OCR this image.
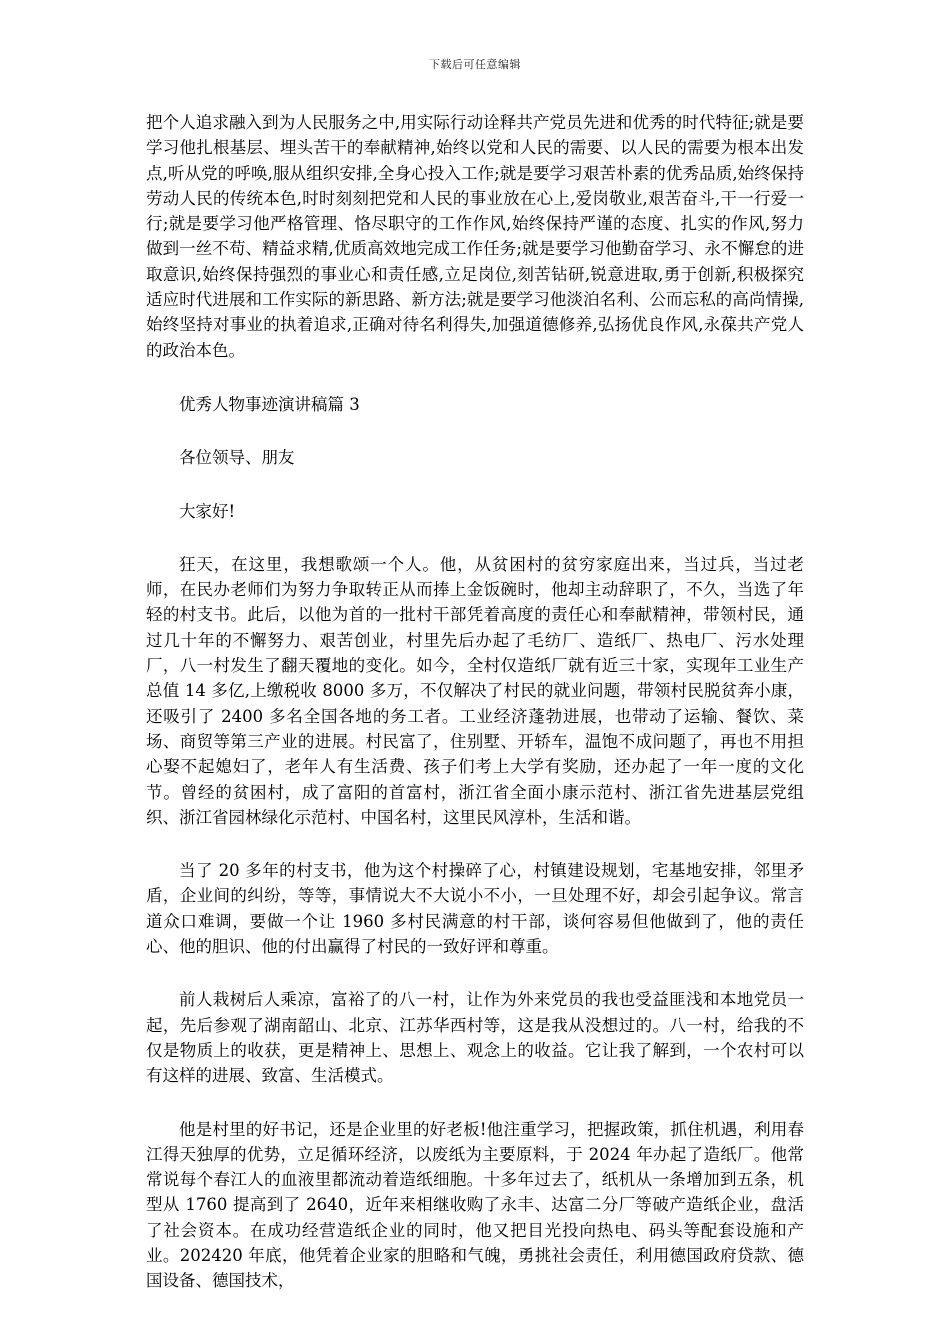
下载后可任意编辑

把个人追求融入到为人民服务之中,用实际行动诠释共产党员先进和优秀的时代特征;就是要学习他扎根基层、埋头苦干的奉献精神,始终以党和人民的需要、以人民的需要为根本出发点,听从党的呼唤,服从组织安排,全身心投入工作;就是要学习艰苦朴素的优秀品质,始终保持劳动人民的传统本色,时时刻刻把党和人民的事业放在心上,爱岗敬业,艰苦奋斗,干一行爱一行;就是要学习他严格管理、恪尽职守的工作作风,始终保持严谨的态度、扎实的作风,努力做到一丝不苟、精益求精,优质高效地完成工作任务;就是要学习他勤奋学习、永不懈怠的进取意识,始终保持强烈的事业心和责任感,立足岗位,刻苦钻研,锐意进取,勇于创新,积极探究适应时代进展和工作实际的新思路、新方法;就是要学习他淡泊名利、公而忘私的高尚情操,始终坚持对事业的执着追求,正确对待名利得失,加强道德修养,弘扬优良作风,永葆共产党人的政治本色。

优秀人物事迹演讲稿篇 3

各位领导、朋友

大家好!

狂天，在这里，我想歌颂一个人。他，从贫困村的贫穷家庭出来，当过兵，当过老师，在民办老师们为努力争取转正从而捧上金饭碗时，他却主动辞职了，不久，当选了年轻的村支书。此后，以他为首的一批村干部凭着高度的责任心和奉献精神，带领村民，通过几十年的不懈努力、艰苦创业，村里先后办起了毛纺厂、造纸厂、热电厂、污水处理厂，八一村发生了翻天覆地的变化。如今，全村仅造纸厂就有近三十家，实现年工业生产总值 14 多亿,上缴税收 8000 多万，不仅解决了村民的就业问题，带领村民脱贫奔小康，还吸引了 2400 多名全国各地的务工者。工业经济蓬勃进展，也带动了运输、餐饮、菜场、商贸等第三产业的进展。村民富了，住别墅、开轿车，温饱不成问题了，再也不用担心娶不起媳妇了，老年人有生活费、孩子们考上大学有奖励，还办起了一年一度的文化节。曾经的贫困村，成了富阳的首富村，浙江省全面小康示范村、浙江省先进基层党组织、浙江省园林绿化示范村、中国名村，这里民风淳朴，生活和谐。

当了 20 多年的村支书，他为这个村操碎了心，村镇建设规划，宅基地安排，邻里矛盾，企业间的纠纷，等等，事情说大不大说小不小，一旦处理不好，却会引起争议。常言道众口难调，要做一个让 1960 多村民满意的村干部，谈何容易但他做到了，他的责任心、他的胆识、他的付出赢得了村民的一致好评和尊重。

前人栽树后人乘凉，富裕了的八一村，让作为外来党员的我也受益匪浅和本地党员一起，先后参观了湖南韶山、北京、江苏华西村等，这是我从没想过的。八一村，给我的不仅是物质上的收获，更是精神上、思想上、观念上的收益。它让我了解到，一个农村可以有这样的进展、致富、生活模式。

他是村里的好书记，还是企业里的好老板!他注重学习，把握政策，抓住机遇，利用春江得天独厚的优势，立足循环经济，以废纸为主要原料，于 2024 年办起了造纸厂。他常常说每个春江人的血液里都流动着造纸细胞。十多年过去了，纸机从一条增加到五条，机型从 1760 提高到了 2640，近年来相继收购了永丰、达富二分厂等破产造纸企业，盘活了社会资本。在成功经营造纸企业的同时，他又把目光投向热电、码头等配套设施和产业。202420 年底，他凭着企业家的胆略和气魄，勇挑社会责任，利用德国政府贷款、德国设备、德国技术，
